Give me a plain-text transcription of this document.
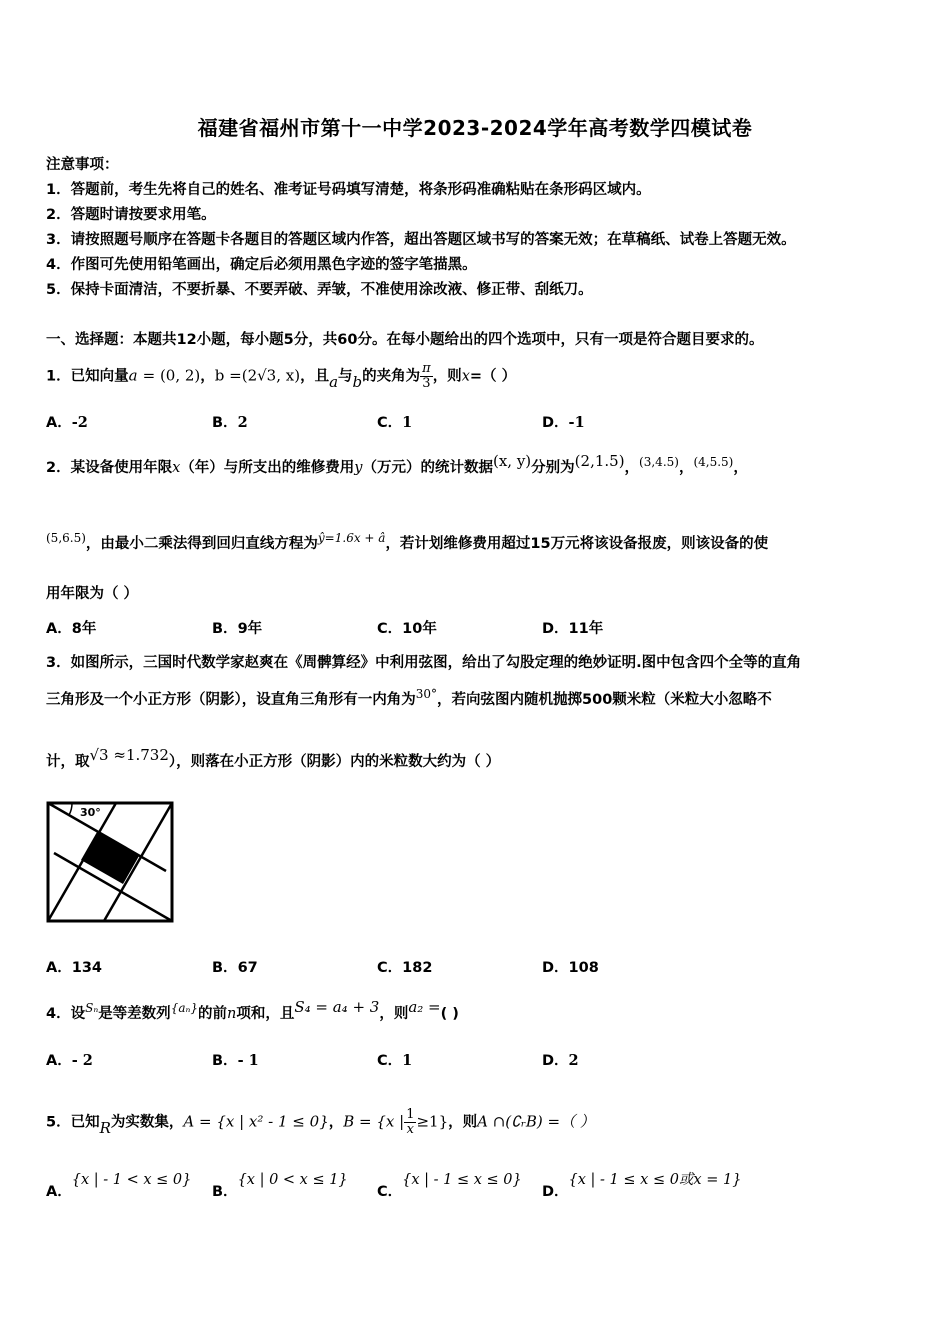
福建省福州市第十一中学2023-2024学年高考数学四模试卷
注意事项：
1．答题前，考生先将自己的姓名、准考证号码填写清楚，将条形码准确粘贴在条形码区域内。
2．答题时请按要求用笔。
3．请按照题号顺序在答题卡各题目的答题区域内作答，超出答题区域书写的答案无效；在草稿纸、试卷上答题无效。
4．作图可先使用铅笔画出，确定后必须用黑色字迹的签字笔描黑。
5．保持卡面清洁，不要折暴、不要弄破、弄皱，不准使用涂改液、修正带、刮纸刀。
一、选择题：本题共12小题，每小题5分，共60分。在每小题给出的四个选项中，只有一项是符合题目要求的。
1．已知向量a = (0, 2)，b =(2√3, x)，且a与b的夹角为 $\frac{\pi}{3}$ ，则x=（ ）
A．-2	B．2	C．1	D．-1
2．某设备使用年限x（年）与所支出的维修费用y（万元）的统计数据(x, y)分别为(2,1.5)，$^{(3,4.5)}$，$^{(4,5.5)}$，
$^{(5,6.5)}$，由最小二乘法得到回归直线方程为$^{ŷ=1.6x + â}$，若计划维修费用超过15万元将该设备报废，则该设备的使
用年限为（ ）
A．8年	B．9年	C．10年	D．11年
3．如图所示，三国时代数学家赵爽在《周髀算经》中利用弦图，给出了勾股定理的绝妙证明.图中包含四个全等的直角
三角形及一个小正方形（阴影），设直角三角形有一内角为$^{30^\circ}$，若向弦图内随机抛掷500颗米粒（米粒大小忽略不
计，取√3 ≈1.732），则落在小正方形（阴影）内的米粒数大约为（ ）
30°
A．134	B．67	C．182	D．108
4．设$^{S_n}$是等差数列$^{\{a_n\}}$的前n项和，且S₄ = a₄ + 3，则a₂ =( )
A．- 2	B．- 1	C．1	D．2
5．已知R为实数集，A = {x | x² - 1 ≤ 0}，B = {x | $\frac{1}{x} \ge 1$}，则A ∩(∁ᵣB) =（ ）
A．{x | - 1 < x ≤ 0}
B．{x | 0 < x ≤ 1}
C．{x | - 1 ≤ x ≤ 0}
D．{x | - 1 ≤ x ≤ 0或x = 1}
